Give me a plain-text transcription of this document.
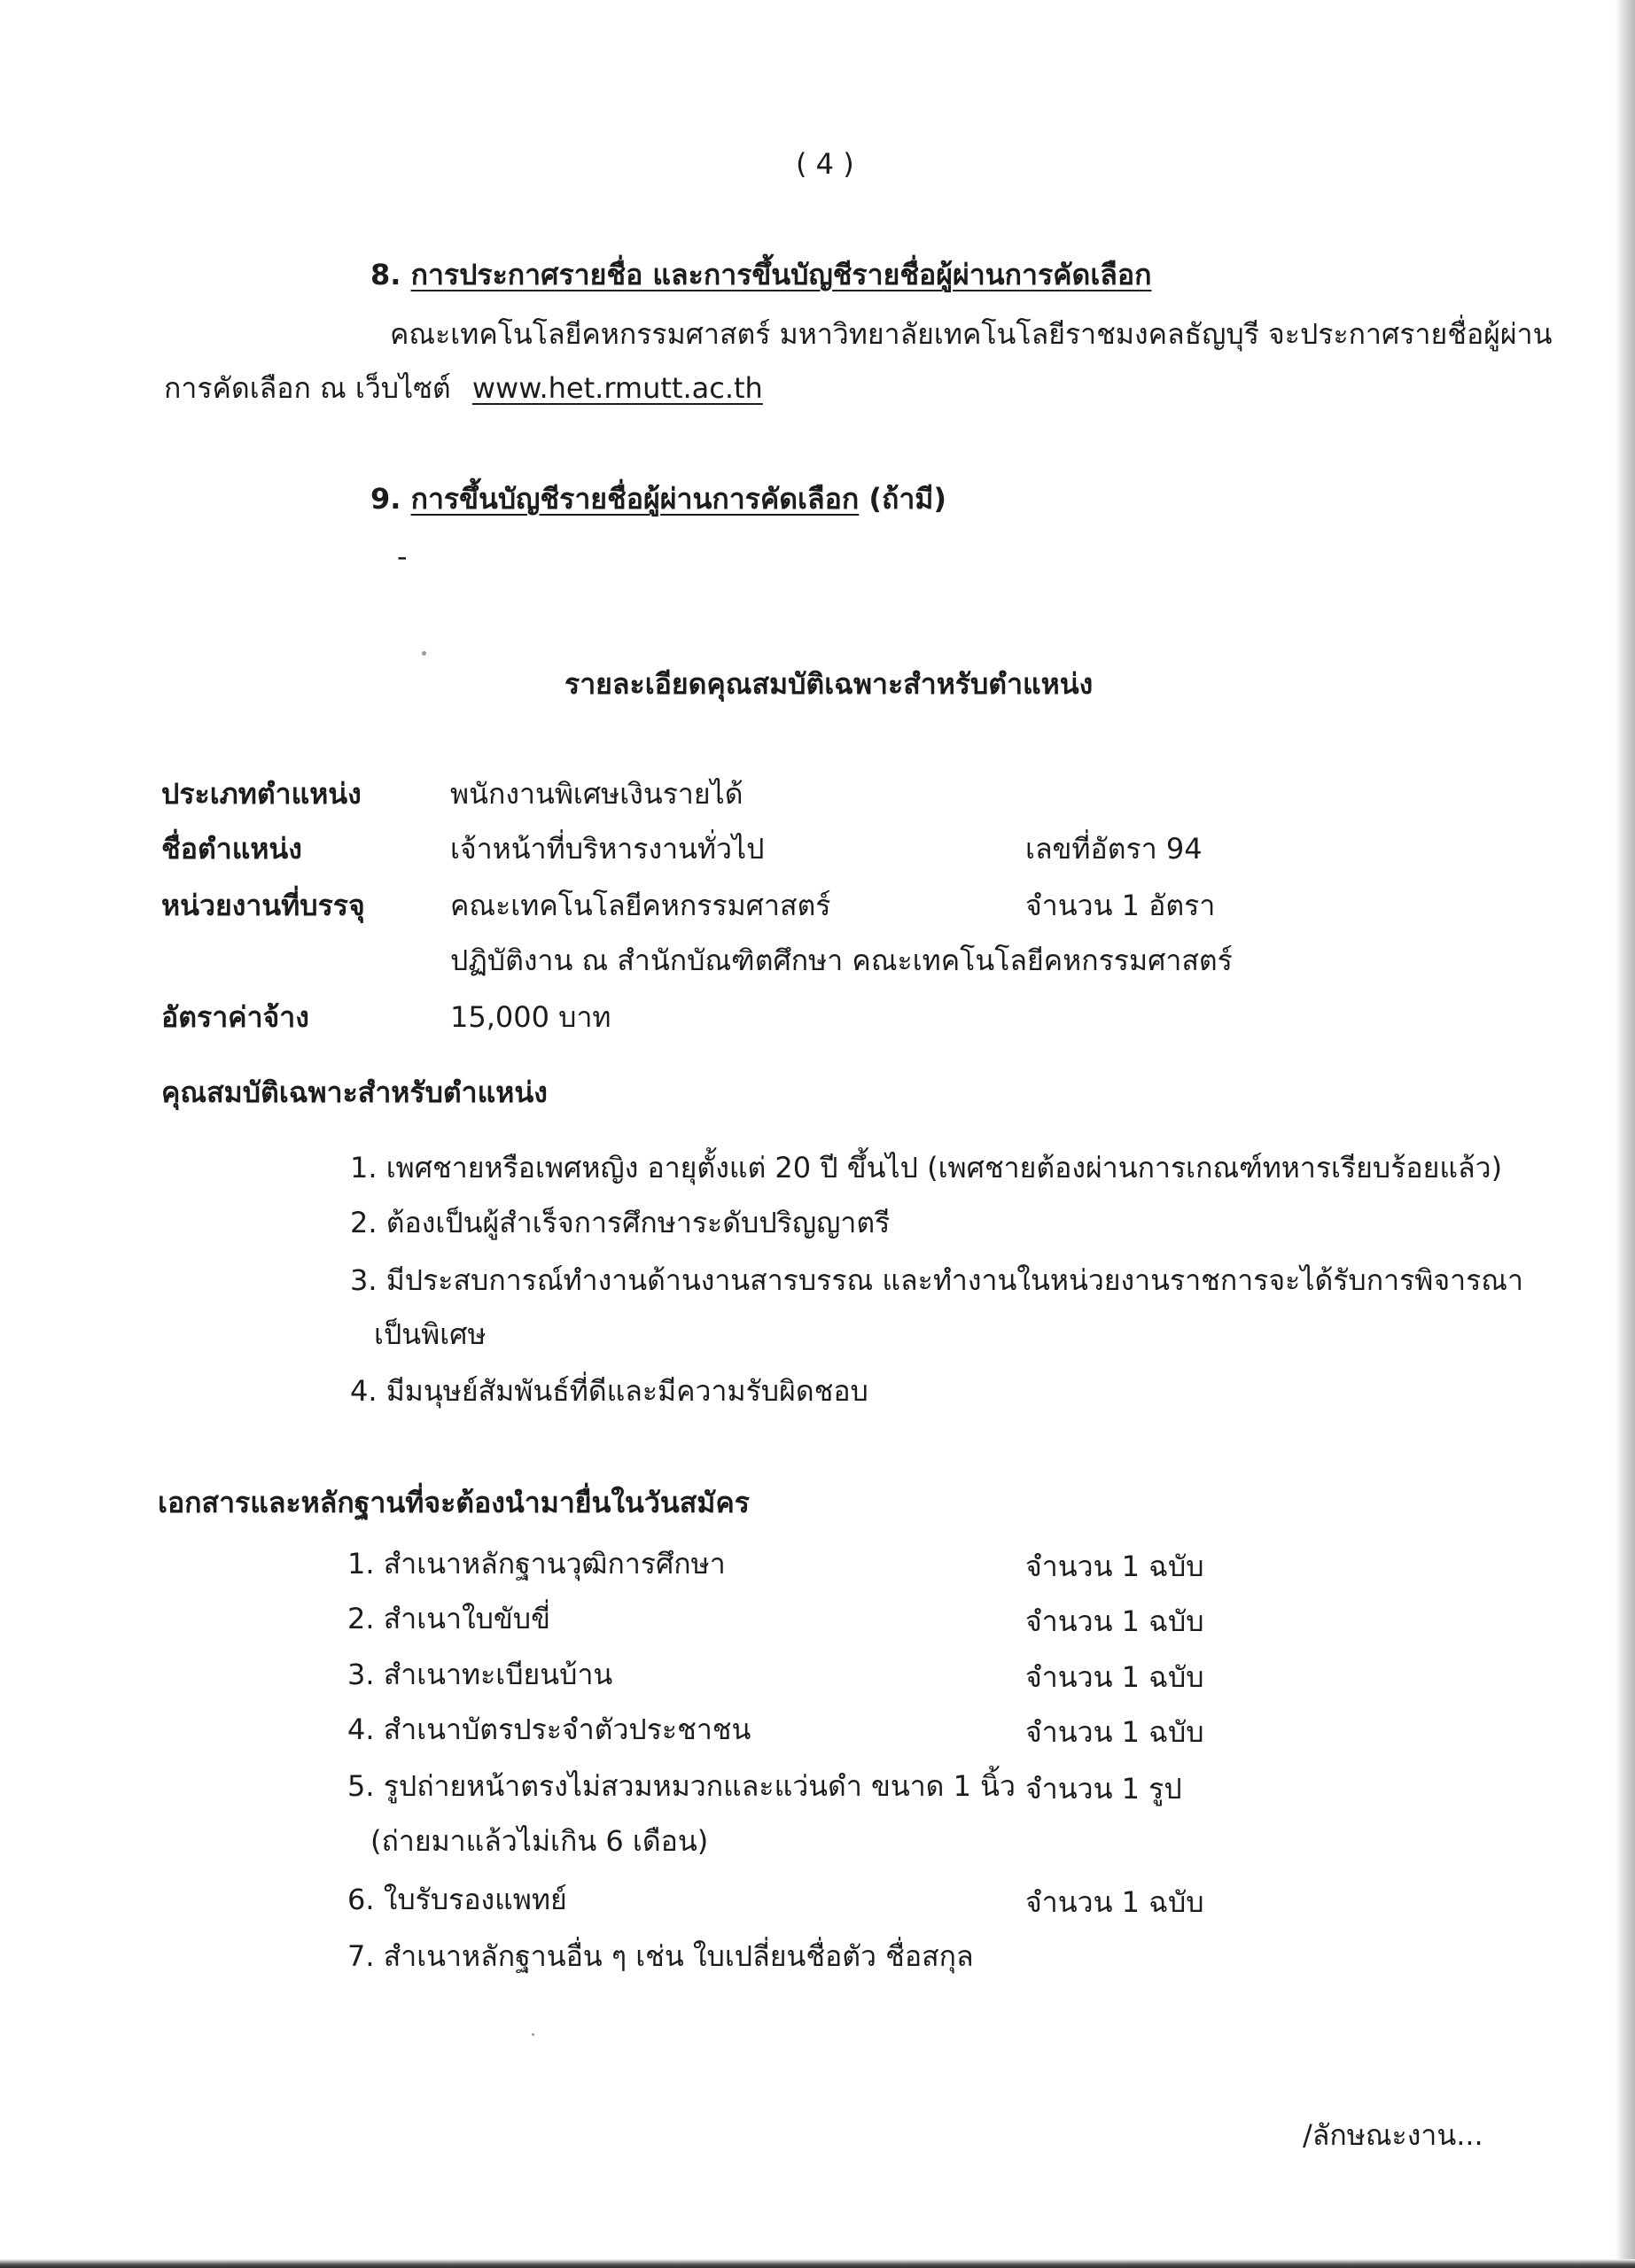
( 4 )
8. การประกาศรายชื่อ และการขึ้นบัญชีรายชื่อผู้ผ่านการคัดเลือก
คณะเทคโนโลยีคหกรรมศาสตร์ มหาวิทยาลัยเทคโนโลยีราชมงคลธัญบุรี จะประกาศรายชื่อผู้ผ่าน
การคัดเลือก ณ เว็บไซต์ www.het.rmutt.ac.th
9. การขึ้นบัญชีรายชื่อผู้ผ่านการคัดเลือก (ถ้ามี)
-
รายละเอียดคุณสมบัติเฉพาะสำหรับตำแหน่ง
ประเภทตำแหน่ง	พนักงานพิเศษเงินรายได้
ชื่อตำแหน่ง	เจ้าหน้าที่บริหารงานทั่วไป	เลขที่อัตรา 94
หน่วยงานที่บรรจุ	คณะเทคโนโลยีคหกรรมศาสตร์	จำนวน 1 อัตรา
ปฏิบัติงาน ณ สำนักบัณฑิตศึกษา คณะเทคโนโลยีคหกรรมศาสตร์
อัตราค่าจ้าง	15,000 บาท
คุณสมบัติเฉพาะสำหรับตำแหน่ง
1. เพศชายหรือเพศหญิง อายุตั้งแต่ 20 ปี ขึ้นไป (เพศชายต้องผ่านการเกณฑ์ทหารเรียบร้อยแล้ว)
2. ต้องเป็นผู้สำเร็จการศึกษาระดับปริญญาตรี
3. มีประสบการณ์ทำงานด้านงานสารบรรณ และทำงานในหน่วยงานราชการจะได้รับการพิจารณา
เป็นพิเศษ
4. มีมนุษย์สัมพันธ์ที่ดีและมีความรับผิดชอบ
เอกสารและหลักฐานที่จะต้องนำมายื่นในวันสมัคร
1. สำเนาหลักฐานวุฒิการศึกษา	จำนวน 1 ฉบับ
2. สำเนาใบขับขี่	จำนวน 1 ฉบับ
3. สำเนาทะเบียนบ้าน	จำนวน 1 ฉบับ
4. สำเนาบัตรประจำตัวประชาชน	จำนวน 1 ฉบับ
5. รูปถ่ายหน้าตรงไม่สวมหมวกและแว่นดำ ขนาด 1 นิ้ว จำนวน 1 รูป
(ถ่ายมาแล้วไม่เกิน 6 เดือน)
6. ใบรับรองแพทย์	จำนวน 1 ฉบับ
7. สำเนาหลักฐานอื่น ๆ เช่น ใบเปลี่ยนชื่อตัว ชื่อสกุล
/ลักษณะงาน...
